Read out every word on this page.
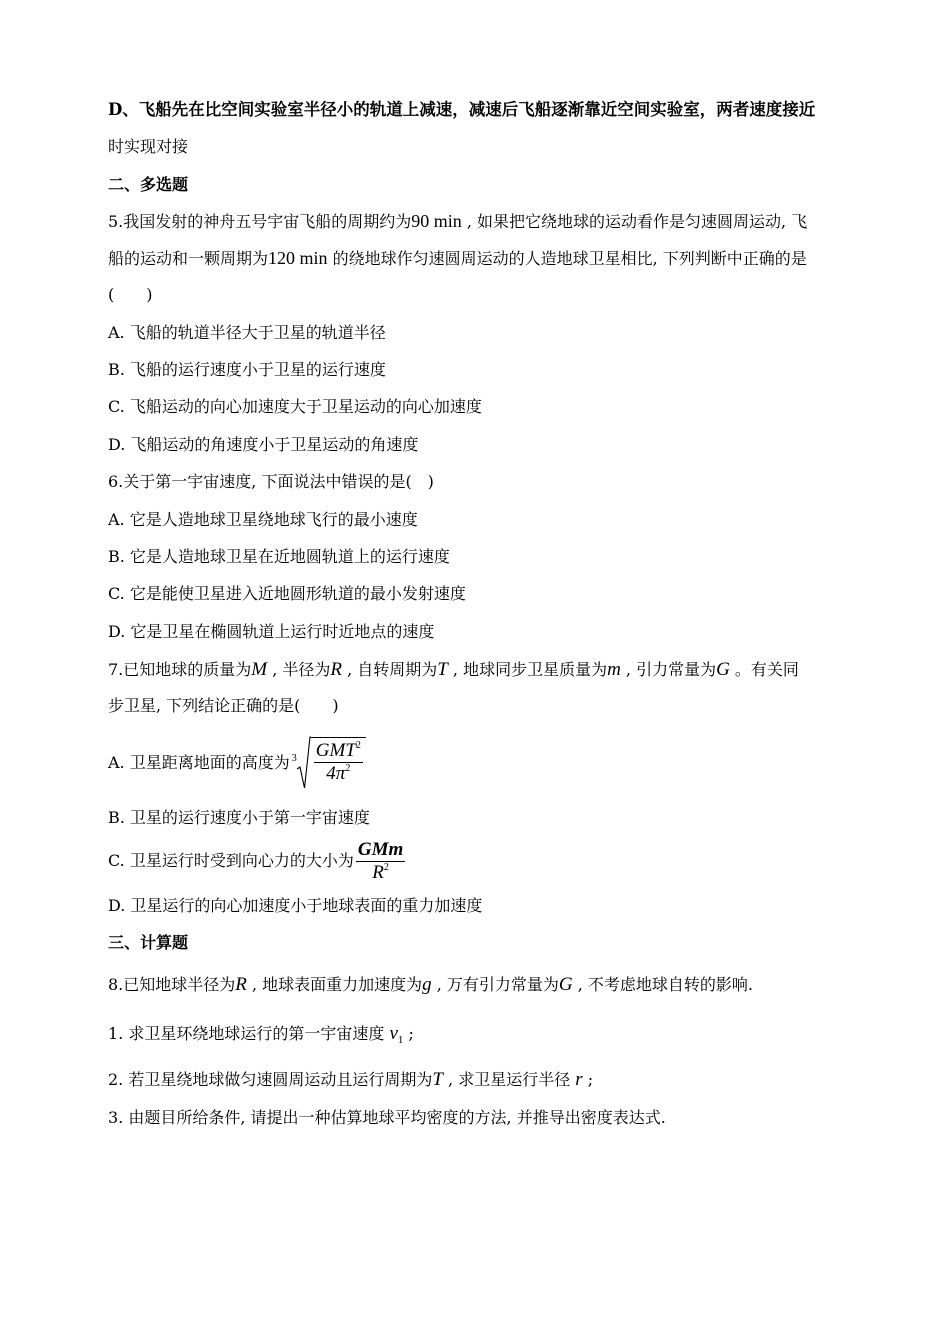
D、飞船先在比空间实验室半径小的轨道上减速，减速后飞船逐渐靠近空间实验室，两者速度接近
时实现对接
二、多选题
5.我国发射的神舟五号宇宙飞船的周期约为90 min , 如果把它绕地球的运动看作是匀速圆周运动, 飞
船的运动和一颗周期为120 min 的绕地球作匀速圆周运动的人造地球卫星相比, 下列判断中正确的是
(　　)
A. 飞船的轨道半径大于卫星的轨道半径
B. 飞船的运行速度小于卫星的运行速度
C. 飞船运动的向心加速度大于卫星运动的向心加速度
D. 飞船运动的角速度小于卫星运动的角速度
6.关于第一宇宙速度, 下面说法中错误的是(　)
A. 它是人造地球卫星绕地球飞行的最小速度
B. 它是人造地球卫星在近地圆轨道上的运行速度
C. 它是能使卫星进入近地圆形轨道的最小发射速度
D. 它是卫星在椭圆轨道上运行时近地点的速度
7.已知地球的质量为M , 半径为R , 自转周期为T , 地球同步卫星质量为m , 引力常量为G 。有关同
步卫星, 下列结论正确的是(　　)
A. 卫星距离地面的高度为 $3 \frac{GMT^2}{4\pi^2}$
B. 卫星的运行速度小于第一宇宙速度
C. 卫星运行时受到向心力的大小为 $\frac{\text{GMm}}{R^2}$
D. 卫星运行的向心加速度小于地球表面的重力加速度
三、计算题
8.已知地球半径为R , 地球表面重力加速度为g , 万有引力常量为G , 不考虑地球自转的影响.
1. 求卫星环绕地球运行的第一宇宙速度 $v_1$ ;
2. 若卫星绕地球做匀速圆周运动且运行周期为T , 求卫星运行半径 r ;
3. 由题目所给条件, 请提出一种估算地球平均密度的方法, 并推导出密度表达式.
